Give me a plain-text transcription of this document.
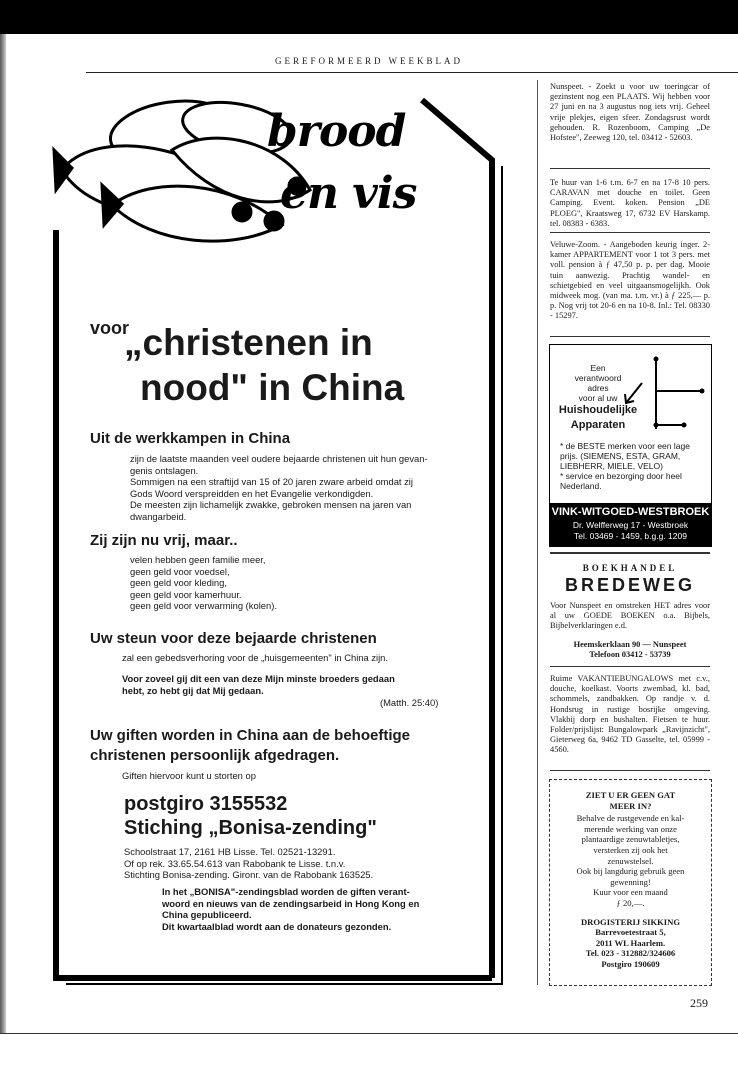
GEREFORMEERD WEEKBLAD
brood
en vis
voor
„christenen in
nood" in China
Uit de werkkampen in China
zijn de laatste maanden veel oudere bejaarde christenen uit hun gevan-
genis ontslagen.
Sommigen na een straftijd van 15 of 20 jaren zware arbeid omdat zij
Gods Woord verspreidden en het Evangelie verkondigden.
De meesten zijn lichamelijk zwakke, gebroken mensen na jaren van
dwangarbeid.
Zij zijn nu vrij, maar..
velen hebben geen familie meer,
geen geld voor voedsel,
geen geld voor kleding,
geen geld voor kamerhuur.
geen geld voor verwarming (kolen).
Uw steun voor deze bejaarde christenen
zal een gebedsverhoring voor de „huisgemeenten" in China zijn.
Voor zoveel gij dit een van deze Mijn minste broeders gedaan
hebt, zo hebt gij dat Mij gedaan.
(Matth. 25:40)
Uw giften worden in China aan de behoeftige
christenen persoonlijk afgedragen.
Giften hiervoor kunt u storten op
postgiro 3155532
Stiching „Bonisa-zending"
Schoolstraat 17, 2161 HB Lisse. Tel. 02521-13291.
Of op rek. 33.65.54.613 van Rabobank te Lisse. t.n.v.
Stichting Bonisa-zending. Gironr. van de Rabobank 163525.
In het „BONISA"-zendingsblad worden de giften verant-
woord en nieuws van de zendingsarbeid in Hong Kong en
China gepubliceerd.
Dit kwartaalblad wordt aan de donateurs gezonden.
Nunspeet. - Zoekt u voor uw toeringcar of gezinstent nog een PLAATS. Wij hebben voor 27 juni en na 3 augustus nog iets vrij. Geheel vrije plekjes, eigen sfeer. Zondagsrust wordt gehouden. R. Rozenboom, Camping „De Hofstee", Zeeweg 120, tel. 03412 - 52603.
Te huur van 1-6 t.m. 6-7 en na 17-8 10 pers. CARAVAN met douche en toilet. Geen Camping. Event. koken. Pension „DE PLOEG", Kraatsweg 17, 6732 EV Harskamp. tel. 08383 - 6383.
Veluwe-Zoom. - Aangeboden keurig inger. 2-kamer APPARTEMENT voor 1 tot 3 pers. met voll. pension à ƒ 47,50 p. p. per dag. Mooie tuin aanwezig. Prachtig wandel- en schietgebied en veel uitgaansmogelijkh. Ook midweek mog. (van ma. t.m. vr.) à ƒ 225,— p. p. Nog vrij tot 20-6 en na 10-8. Inl.: Tel. 08330 - 15297.
Een
verantwoord
adres
voor al uw
Huishoudelijke
Apparaten
* de BESTE merken voor een lage prijs. (SIEMENS, ESTA, GRAM, LIEBHERR, MIELE, VELO)
* service en bezorging door heel Nederland.
VINK-WITGOED-WESTBROEK
Dr. Welfferweg 17 - Westbroek
Tel. 03469 - 1459, b.g.g. 1209
BOEKHANDEL
BREDEWEG
Voor Nunspeet en omstreken HET adres voor al uw GOEDE BOEKEN o.a. Bijbels, Bijbelverklaringen e.d.
Heemskerklaan 90 — Nunspeet
Telefoon 03412 - 53739
Ruime VAKANTIEBUNGALOWS met c.v., douche, koelkast. Voorts zwembad, kl. bad, schommels, zandbakken. Op randje v. d. Hondsrug in rustige bosrijke omgeving. Vlakbij dorp en bushalten. Fietsen te huur. Folder/prijslijst: Bungalowpark „Ravijnzicht", Gieterweg 6a, 9462 TD Gasselte, tel. 05999 - 4560.
ZIET U ER GEEN GAT
MEER IN?
Behalve de rustgevende en kal-
merende werking van onze
plantaardige zenuwtabletjes,
versterken zij ook het
zenuwstelsel.
Ook bij langdurig gebruik geen
gewenning!
Kuur voor een maand
ƒ 20,—.
DROGISTERIJ SIKKING
Barrevoetestraat 5,
2011 WL Haarlem.
Tel. 023 - 312882/324606
Postgiro 190609
259
